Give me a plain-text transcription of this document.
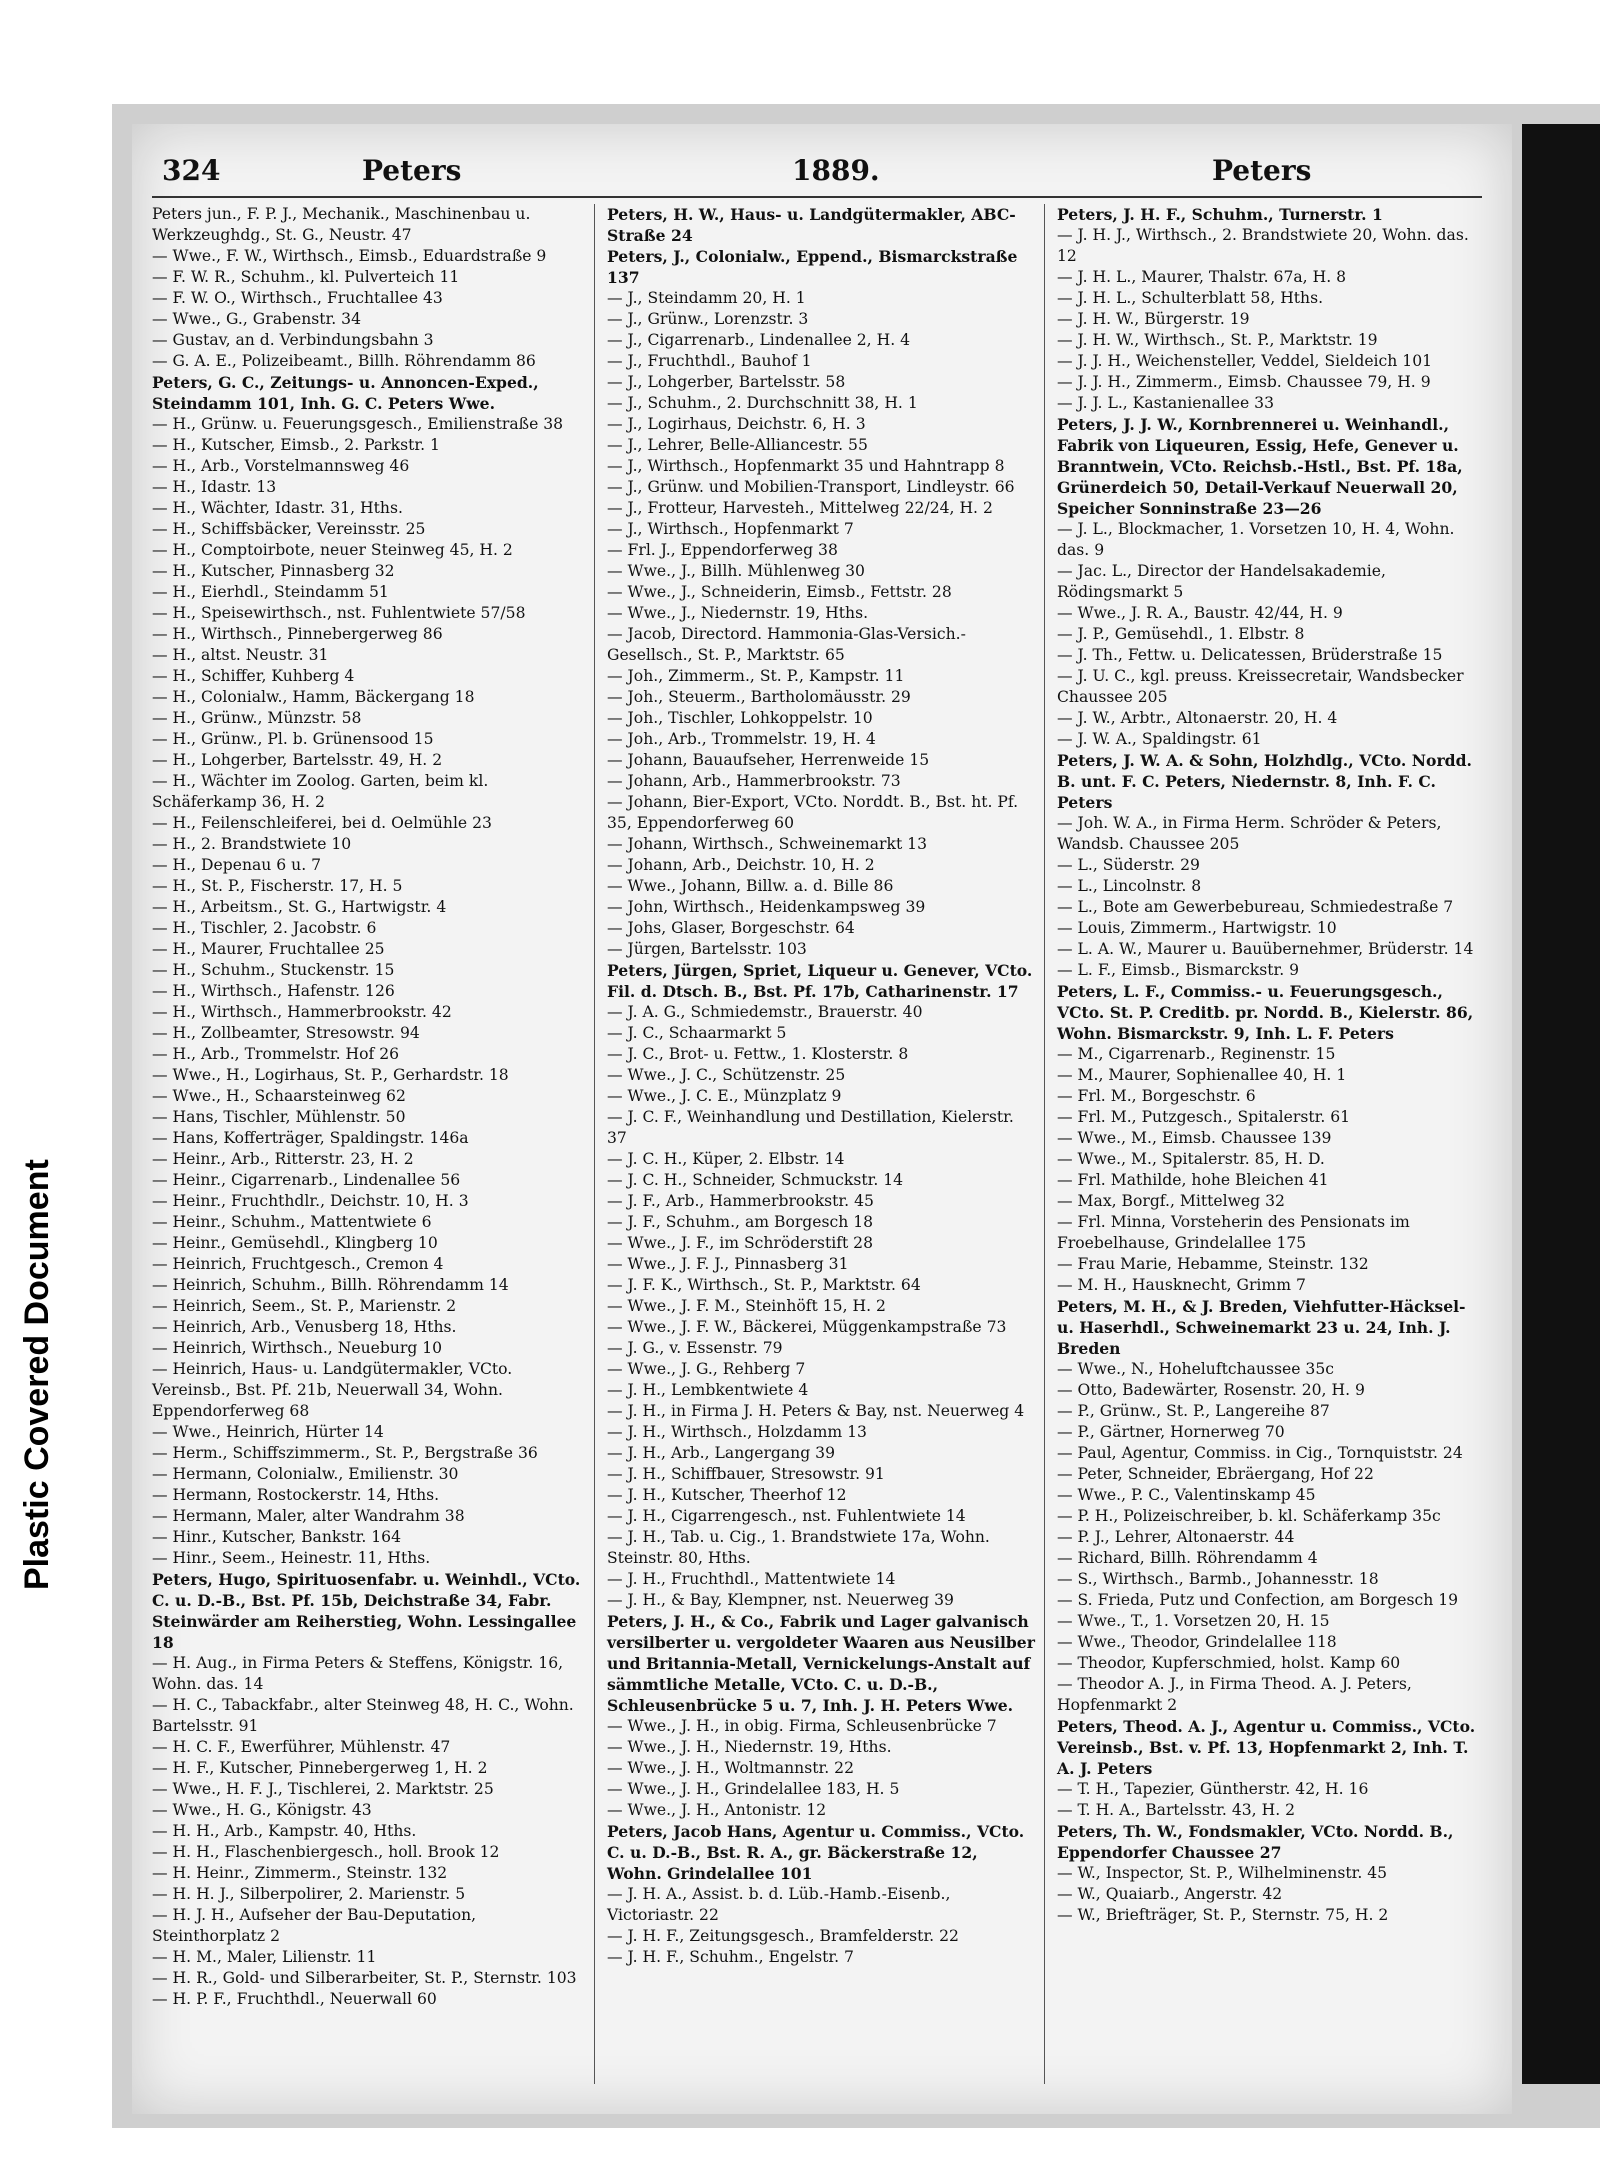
Plastic Covered Document
324	Peters	1889.	Peters

Peters jun., F. P. J., Mechanik., Maschinenbau u. Werkzeughdg., St. G., Neustr. 47

— Wwe., F. W., Wirthsch., Eimsb., Eduardstraße 9

— F. W. R., Schuhm., kl. Pulverteich 11

— F. W. O., Wirthsch., Fruchtallee 43

— Wwe., G., Grabenstr. 34

— Gustav, an d. Verbindungsbahn 3

— G. A. E., Polizeibeamt., Billh. Röhrendamm 86

Peters, G. C., Zeitungs- u. Annoncen-Exped., Steindamm 101, Inh. G. C. Peters Wwe.

— H., Grünw. u. Feuerungsgesch., Emilienstraße 38

— H., Kutscher, Eimsb., 2. Parkstr. 1

— H., Arb., Vorstelmannsweg 46

— H., Idastr. 13

— H., Wächter, Idastr. 31, Hths.

— H., Schiffsbäcker, Vereinsstr. 25

— H., Comptoirbote, neuer Steinweg 45, H. 2

— H., Kutscher, Pinnasberg 32

— H., Eierhdl., Steindamm 51

— H., Speisewirthsch., nst. Fuhlentwiete 57/58

— H., Wirthsch., Pinnebergerweg 86

— H., altst. Neustr. 31

— H., Schiffer, Kuhberg 4

— H., Colonialw., Hamm, Bäckergang 18

— H., Grünw., Münzstr. 58

— H., Grünw., Pl. b. Grünensood 15

— H., Lohgerber, Bartelsstr. 49, H. 2

— H., Wächter im Zoolog. Garten, beim kl. Schäferkamp 36, H. 2

— H., Feilenschleiferei, bei d. Oelmühle 23

— H., 2. Brandstwiete 10

— H., Depenau 6 u. 7

— H., St. P., Fischerstr. 17, H. 5

— H., Arbeitsm., St. G., Hartwigstr. 4

— H., Tischler, 2. Jacobstr. 6

— H., Maurer, Fruchtallee 25

— H., Schuhm., Stuckenstr. 15

— H., Wirthsch., Hafenstr. 126

— H., Wirthsch., Hammerbrookstr. 42

— H., Zollbeamter, Stresowstr. 94

— H., Arb., Trommelstr. Hof 26

— Wwe., H., Logirhaus, St. P., Gerhardstr. 18

— Wwe., H., Schaarsteinweg 62

— Hans, Tischler, Mühlenstr. 50

— Hans, Kofferträger, Spaldingstr. 146a

— Heinr., Arb., Ritterstr. 23, H. 2

— Heinr., Cigarrenarb., Lindenallee 56

— Heinr., Fruchthdlr., Deichstr. 10, H. 3

— Heinr., Schuhm., Mattentwiete 6

— Heinr., Gemüsehdl., Klingberg 10

— Heinrich, Fruchtgesch., Cremon 4

— Heinrich, Schuhm., Billh. Röhrendamm 14

— Heinrich, Seem., St. P., Marienstr. 2

— Heinrich, Arb., Venusberg 18, Hths.

— Heinrich, Wirthsch., Neueburg 10

— Heinrich, Haus- u. Landgütermakler, VCto. Vereinsb., Bst. Pf. 21b, Neuerwall 34, Wohn. Eppendorferweg 68

— Wwe., Heinrich, Hürter 14

— Herm., Schiffszimmerm., St. P., Bergstraße 36

— Hermann, Colonialw., Emilienstr. 30

— Hermann, Rostockerstr. 14, Hths.

— Hermann, Maler, alter Wandrahm 38

— Hinr., Kutscher, Bankstr. 164

— Hinr., Seem., Heinestr. 11, Hths.

Peters, Hugo, Spirituosenfabr. u. Weinhdl., VCto. C. u. D.-B., Bst. Pf. 15b, Deichstraße 34, Fabr. Steinwärder am Reiherstieg, Wohn. Lessingallee 18

— H. Aug., in Firma Peters & Steffens, Königstr. 16, Wohn. das. 14

— H. C., Tabackfabr., alter Steinweg 48, H. C., Wohn. Bartelsstr. 91

— H. C. F., Ewerführer, Mühlenstr. 47

— H. F., Kutscher, Pinnebergerweg 1, H. 2

— Wwe., H. F. J., Tischlerei, 2. Marktstr. 25

— Wwe., H. G., Königstr. 43

— H. H., Arb., Kampstr. 40, Hths.

— H. H., Flaschenbiergesch., holl. Brook 12

— H. Heinr., Zimmerm., Steinstr. 132

— H. H. J., Silberpolirer, 2. Marienstr. 5

— H. J. H., Aufseher der Bau-Deputation, Steinthorplatz 2

— H. M., Maler, Lilienstr. 11

— H. R., Gold- und Silberarbeiter, St. P., Sternstr. 103

— H. P. F., Fruchthdl., Neuerwall 60

Peters, H. W., Haus- u. Landgütermakler, ABC-Straße 24

Peters, J., Colonialw., Eppend., Bismarckstraße 137

— J., Steindamm 20, H. 1

— J., Grünw., Lorenzstr. 3

— J., Cigarrenarb., Lindenallee 2, H. 4

— J., Fruchthdl., Bauhof 1

— J., Lohgerber, Bartelsstr. 58

— J., Schuhm., 2. Durchschnitt 38, H. 1

— J., Logirhaus, Deichstr. 6, H. 3

— J., Lehrer, Belle-Alliancestr. 55

— J., Wirthsch., Hopfenmarkt 35 und Hahntrapp 8

— J., Grünw. und Mobilien-Transport, Lindleystr. 66

— J., Frotteur, Harvesteh., Mittelweg 22/24, H. 2

— J., Wirthsch., Hopfenmarkt 7

— Frl. J., Eppendorferweg 38

— Wwe., J., Billh. Mühlenweg 30

— Wwe., J., Schneiderin, Eimsb., Fettstr. 28

— Wwe., J., Niedernstr. 19, Hths.

— Jacob, Directord. Hammonia-Glas-Versich.-Gesellsch., St. P., Marktstr. 65

— Joh., Zimmerm., St. P., Kampstr. 11

— Joh., Steuerm., Bartholomäusstr. 29

— Joh., Tischler, Lohkoppelstr. 10

— Joh., Arb., Trommelstr. 19, H. 4

— Johann, Bauaufseher, Herrenweide 15

— Johann, Arb., Hammerbrookstr. 73

— Johann, Bier-Export, VCto. Norddt. B., Bst. ht. Pf. 35, Eppendorferweg 60

— Johann, Wirthsch., Schweinemarkt 13

— Johann, Arb., Deichstr. 10, H. 2

— Wwe., Johann, Billw. a. d. Bille 86

— John, Wirthsch., Heidenkampsweg 39

— Johs, Glaser, Borgeschstr. 64

— Jürgen, Bartelsstr. 103

Peters, Jürgen, Spriet, Liqueur u. Genever, VCto. Fil. d. Dtsch. B., Bst. Pf. 17b, Catharinenstr. 17

— J. A. G., Schmiedemstr., Brauerstr. 40

— J. C., Schaarmarkt 5

— J. C., Brot- u. Fettw., 1. Klosterstr. 8

— Wwe., J. C., Schützenstr. 25

— Wwe., J. C. E., Münzplatz 9

— J. C. F., Weinhandlung und Destillation, Kielerstr. 37

— J. C. H., Küper, 2. Elbstr. 14

— J. C. H., Schneider, Schmuckstr. 14

— J. F., Arb., Hammerbrookstr. 45

— J. F., Schuhm., am Borgesch 18

— Wwe., J. F., im Schröderstift 28

— Wwe., J. F. J., Pinnasberg 31

— J. F. K., Wirthsch., St. P., Marktstr. 64

— Wwe., J. F. M., Steinhöft 15, H. 2

— Wwe., J. F. W., Bäckerei, Müggenkampstraße 73

— J. G., v. Essenstr. 79

— Wwe., J. G., Rehberg 7

— J. H., Lembkentwiete 4

— J. H., in Firma J. H. Peters & Bay, nst. Neuerweg 4

— J. H., Wirthsch., Holzdamm 13

— J. H., Arb., Langergang 39

— J. H., Schiffbauer, Stresowstr. 91

— J. H., Kutscher, Theerhof 12

— J. H., Cigarrengesch., nst. Fuhlentwiete 14

— J. H., Tab. u. Cig., 1. Brandstwiete 17a, Wohn. Steinstr. 80, Hths.

— J. H., Fruchthdl., Mattentwiete 14

— J. H., & Bay, Klempner, nst. Neuerweg 39

Peters, J. H., & Co., Fabrik und Lager galvanisch versilberter u. vergoldeter Waaren aus Neusilber und Britannia-Metall, Vernickelungs-Anstalt auf sämmtliche Metalle, VCto. C. u. D.-B., Schleusenbrücke 5 u. 7, Inh. J. H. Peters Wwe.

— Wwe., J. H., in obig. Firma, Schleusenbrücke 7

— Wwe., J. H., Niedernstr. 19, Hths.

— Wwe., J. H., Woltmannstr. 22

— Wwe., J. H., Grindelallee 183, H. 5

— Wwe., J. H., Antonistr. 12

Peters, Jacob Hans, Agentur u. Commiss., VCto. C. u. D.-B., Bst. R. A., gr. Bäckerstraße 12, Wohn. Grindelallee 101

— J. H. A., Assist. b. d. Lüb.-Hamb.-Eisenb., Victoriastr. 22

— J. H. F., Zeitungsgesch., Bramfelderstr. 22

— J. H. F., Schuhm., Engelstr. 7

Peters, J. H. F., Schuhm., Turnerstr. 1

— J. H. J., Wirthsch., 2. Brandstwiete 20, Wohn. das. 12

— J. H. L., Maurer, Thalstr. 67a, H. 8

— J. H. L., Schulterblatt 58, Hths.

— J. H. W., Bürgerstr. 19

— J. H. W., Wirthsch., St. P., Marktstr. 19

— J. J. H., Weichensteller, Veddel, Sieldeich 101

— J. J. H., Zimmerm., Eimsb. Chaussee 79, H. 9

— J. J. L., Kastanienallee 33

Peters, J. J. W., Kornbrennerei u. Weinhandl., Fabrik von Liqueuren, Essig, Hefe, Genever u. Branntwein, VCto. Reichsb.-Hstl., Bst. Pf. 18a, Grünerdeich 50, Detail-Verkauf Neuerwall 20, Speicher Sonninstraße 23—26

— J. L., Blockmacher, 1. Vorsetzen 10, H. 4, Wohn. das. 9

— Jac. L., Director der Handelsakademie, Rödingsmarkt 5

— Wwe., J. R. A., Baustr. 42/44, H. 9

— J. P., Gemüsehdl., 1. Elbstr. 8

— J. Th., Fettw. u. Delicatessen, Brüderstraße 15

— J. U. C., kgl. preuss. Kreissecretair, Wandsbecker Chaussee 205

— J. W., Arbtr., Altonaerstr. 20, H. 4

— J. W. A., Spaldingstr. 61

Peters, J. W. A. & Sohn, Holzhdlg., VCto. Nordd. B. unt. F. C. Peters, Niedernstr. 8, Inh. F. C. Peters

— Joh. W. A., in Firma Herm. Schröder & Peters, Wandsb. Chaussee 205

— L., Süderstr. 29

— L., Lincolnstr. 8

— L., Bote am Gewerbebureau, Schmiedestraße 7

— Louis, Zimmerm., Hartwigstr. 10

— L. A. W., Maurer u. Bauübernehmer, Brüderstr. 14

— L. F., Eimsb., Bismarckstr. 9

Peters, L. F., Commiss.- u. Feuerungsgesch., VCto. St. P. Creditb. pr. Nordd. B., Kielerstr. 86, Wohn. Bismarckstr. 9, Inh. L. F. Peters

— M., Cigarrenarb., Reginenstr. 15

— M., Maurer, Sophienallee 40, H. 1

— Frl. M., Borgeschstr. 6

— Frl. M., Putzgesch., Spitalerstr. 61

— Wwe., M., Eimsb. Chaussee 139

— Wwe., M., Spitalerstr. 85, H. D.

— Frl. Mathilde, hohe Bleichen 41

— Max, Borgf., Mittelweg 32

— Frl. Minna, Vorsteherin des Pensionats im Froebelhause, Grindelallee 175

— Frau Marie, Hebamme, Steinstr. 132

— M. H., Hausknecht, Grimm 7

Peters, M. H., & J. Breden, Viehfutter-Häcksel- u. Haserhdl., Schweinemarkt 23 u. 24, Inh. J. Breden

— Wwe., N., Hoheluftchaussee 35c

— Otto, Badewärter, Rosenstr. 20, H. 9

— P., Grünw., St. P., Langereihe 87

— P., Gärtner, Hornerweg 70

— Paul, Agentur, Commiss. in Cig., Tornquiststr. 24

— Peter, Schneider, Ebräergang, Hof 22

— Wwe., P. C., Valentinskamp 45

— P. H., Polizeischreiber, b. kl. Schäferkamp 35c

— P. J., Lehrer, Altonaerstr. 44

— Richard, Billh. Röhrendamm 4

— S., Wirthsch., Barmb., Johannesstr. 18

— S. Frieda, Putz und Confection, am Borgesch 19

— Wwe., T., 1. Vorsetzen 20, H. 15

— Wwe., Theodor, Grindelallee 118

— Theodor, Kupferschmied, holst. Kamp 60

— Theodor A. J., in Firma Theod. A. J. Peters, Hopfenmarkt 2

Peters, Theod. A. J., Agentur u. Commiss., VCto. Vereinsb., Bst. v. Pf. 13, Hopfenmarkt 2, Inh. T. A. J. Peters

— T. H., Tapezier, Güntherstr. 42, H. 16

— T. H. A., Bartelsstr. 43, H. 2

Peters, Th. W., Fondsmakler, VCto. Nordd. B., Eppendorfer Chaussee 27

— W., Inspector, St. P., Wilhelminenstr. 45

— W., Quaiarb., Angerstr. 42

— W., Briefträger, St. P., Sternstr. 75, H. 2
